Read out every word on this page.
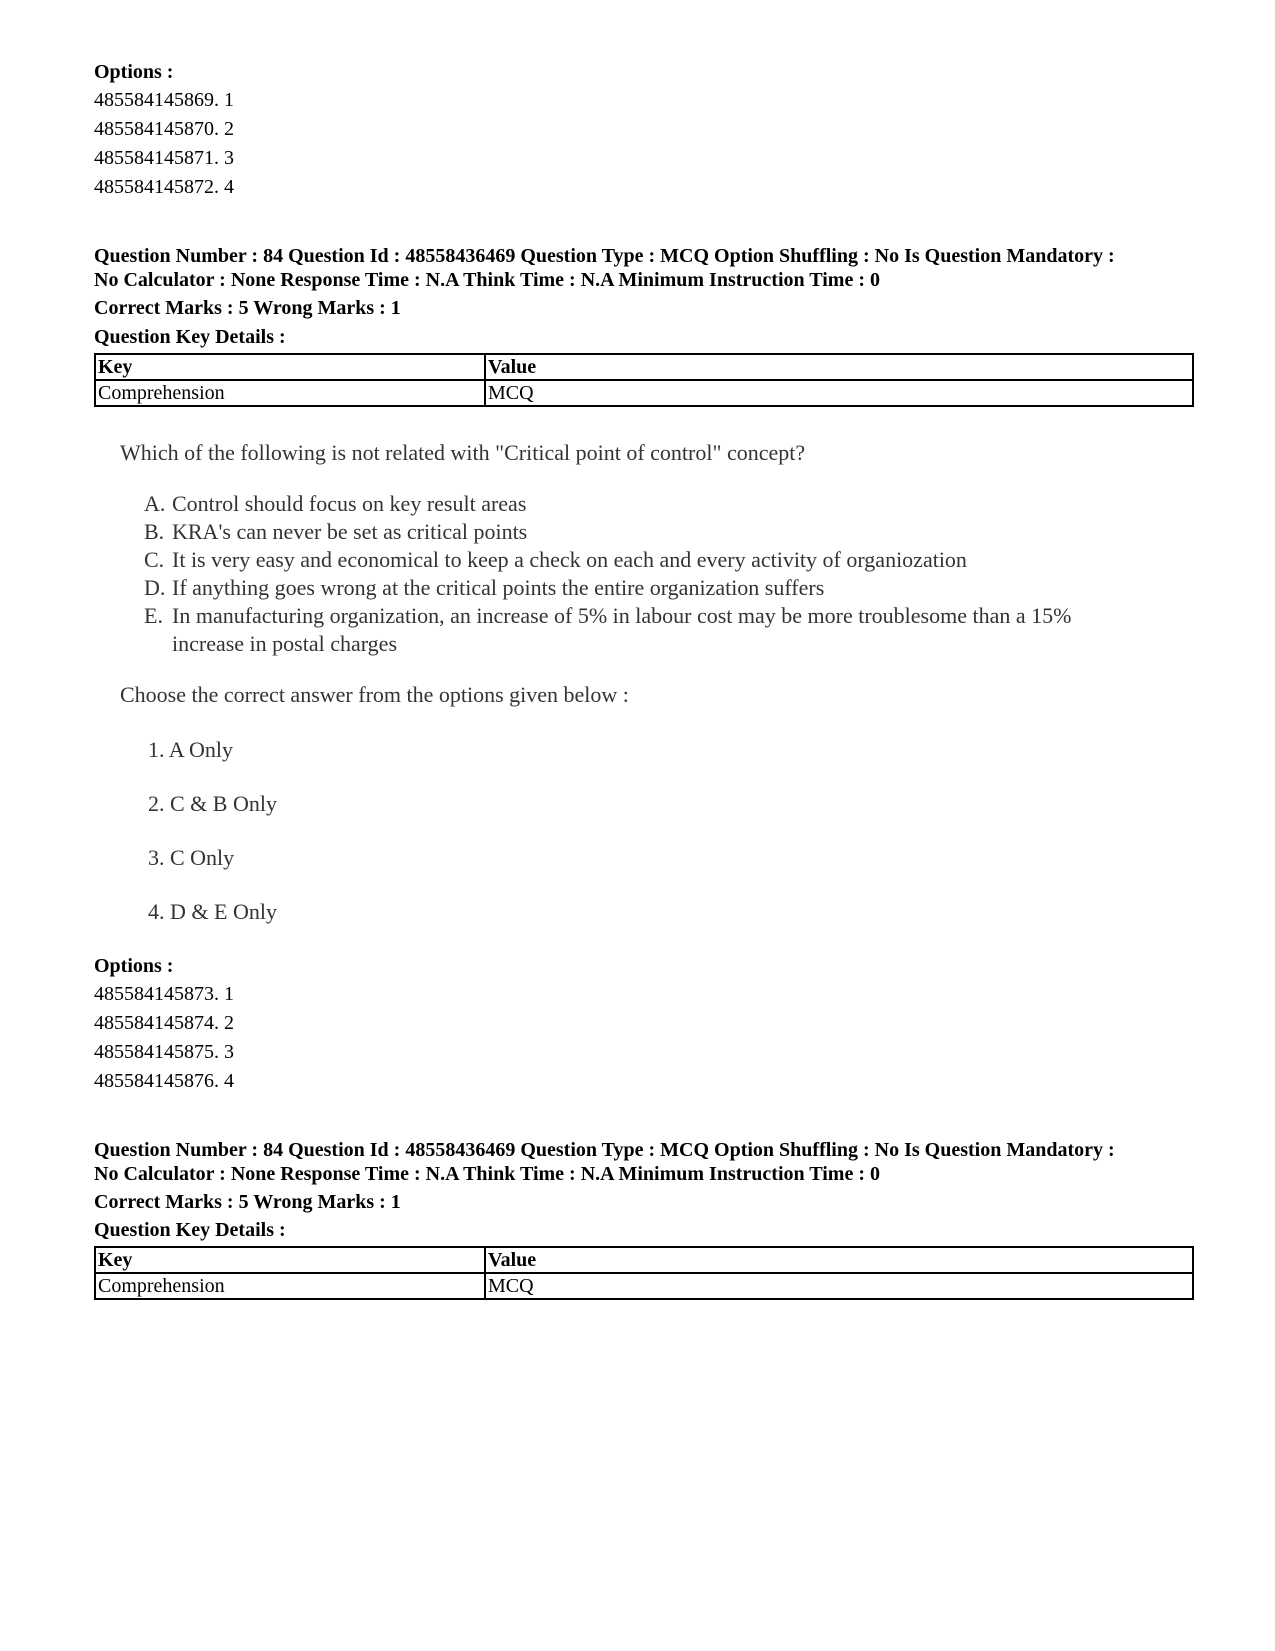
Options :
485584145869. 1
485584145870. 2
485584145871. 3
485584145872. 4
Question Number : 84 Question Id : 48558436469 Question Type : MCQ Option Shuffling : No Is Question Mandatory :
No Calculator : None Response Time : N.A Think Time : N.A Minimum Instruction Time : 0
Correct Marks : 5 Wrong Marks : 1
Question Key Details :
Key	Value
Comprehension	MCQ
Which of the following is not related with "Critical point of control" concept?
A. Control should focus on key result areas
B. KRA's can never be set as critical points
C. It is very easy and economical to keep a check on each and every activity of organiozation
D. If anything goes wrong at the critical points the entire organization suffers
E. In manufacturing organization, an increase of 5% in labour cost may be more troublesome than a 15%
increase in postal charges
Choose the correct answer from the options given below :
1. A Only
2. C & B Only
3. C Only
4. D & E Only
Options :
485584145873. 1
485584145874. 2
485584145875. 3
485584145876. 4
Question Number : 84 Question Id : 48558436469 Question Type : MCQ Option Shuffling : No Is Question Mandatory :
No Calculator : None Response Time : N.A Think Time : N.A Minimum Instruction Time : 0
Correct Marks : 5 Wrong Marks : 1
Question Key Details :
Key	Value
Comprehension	MCQ
